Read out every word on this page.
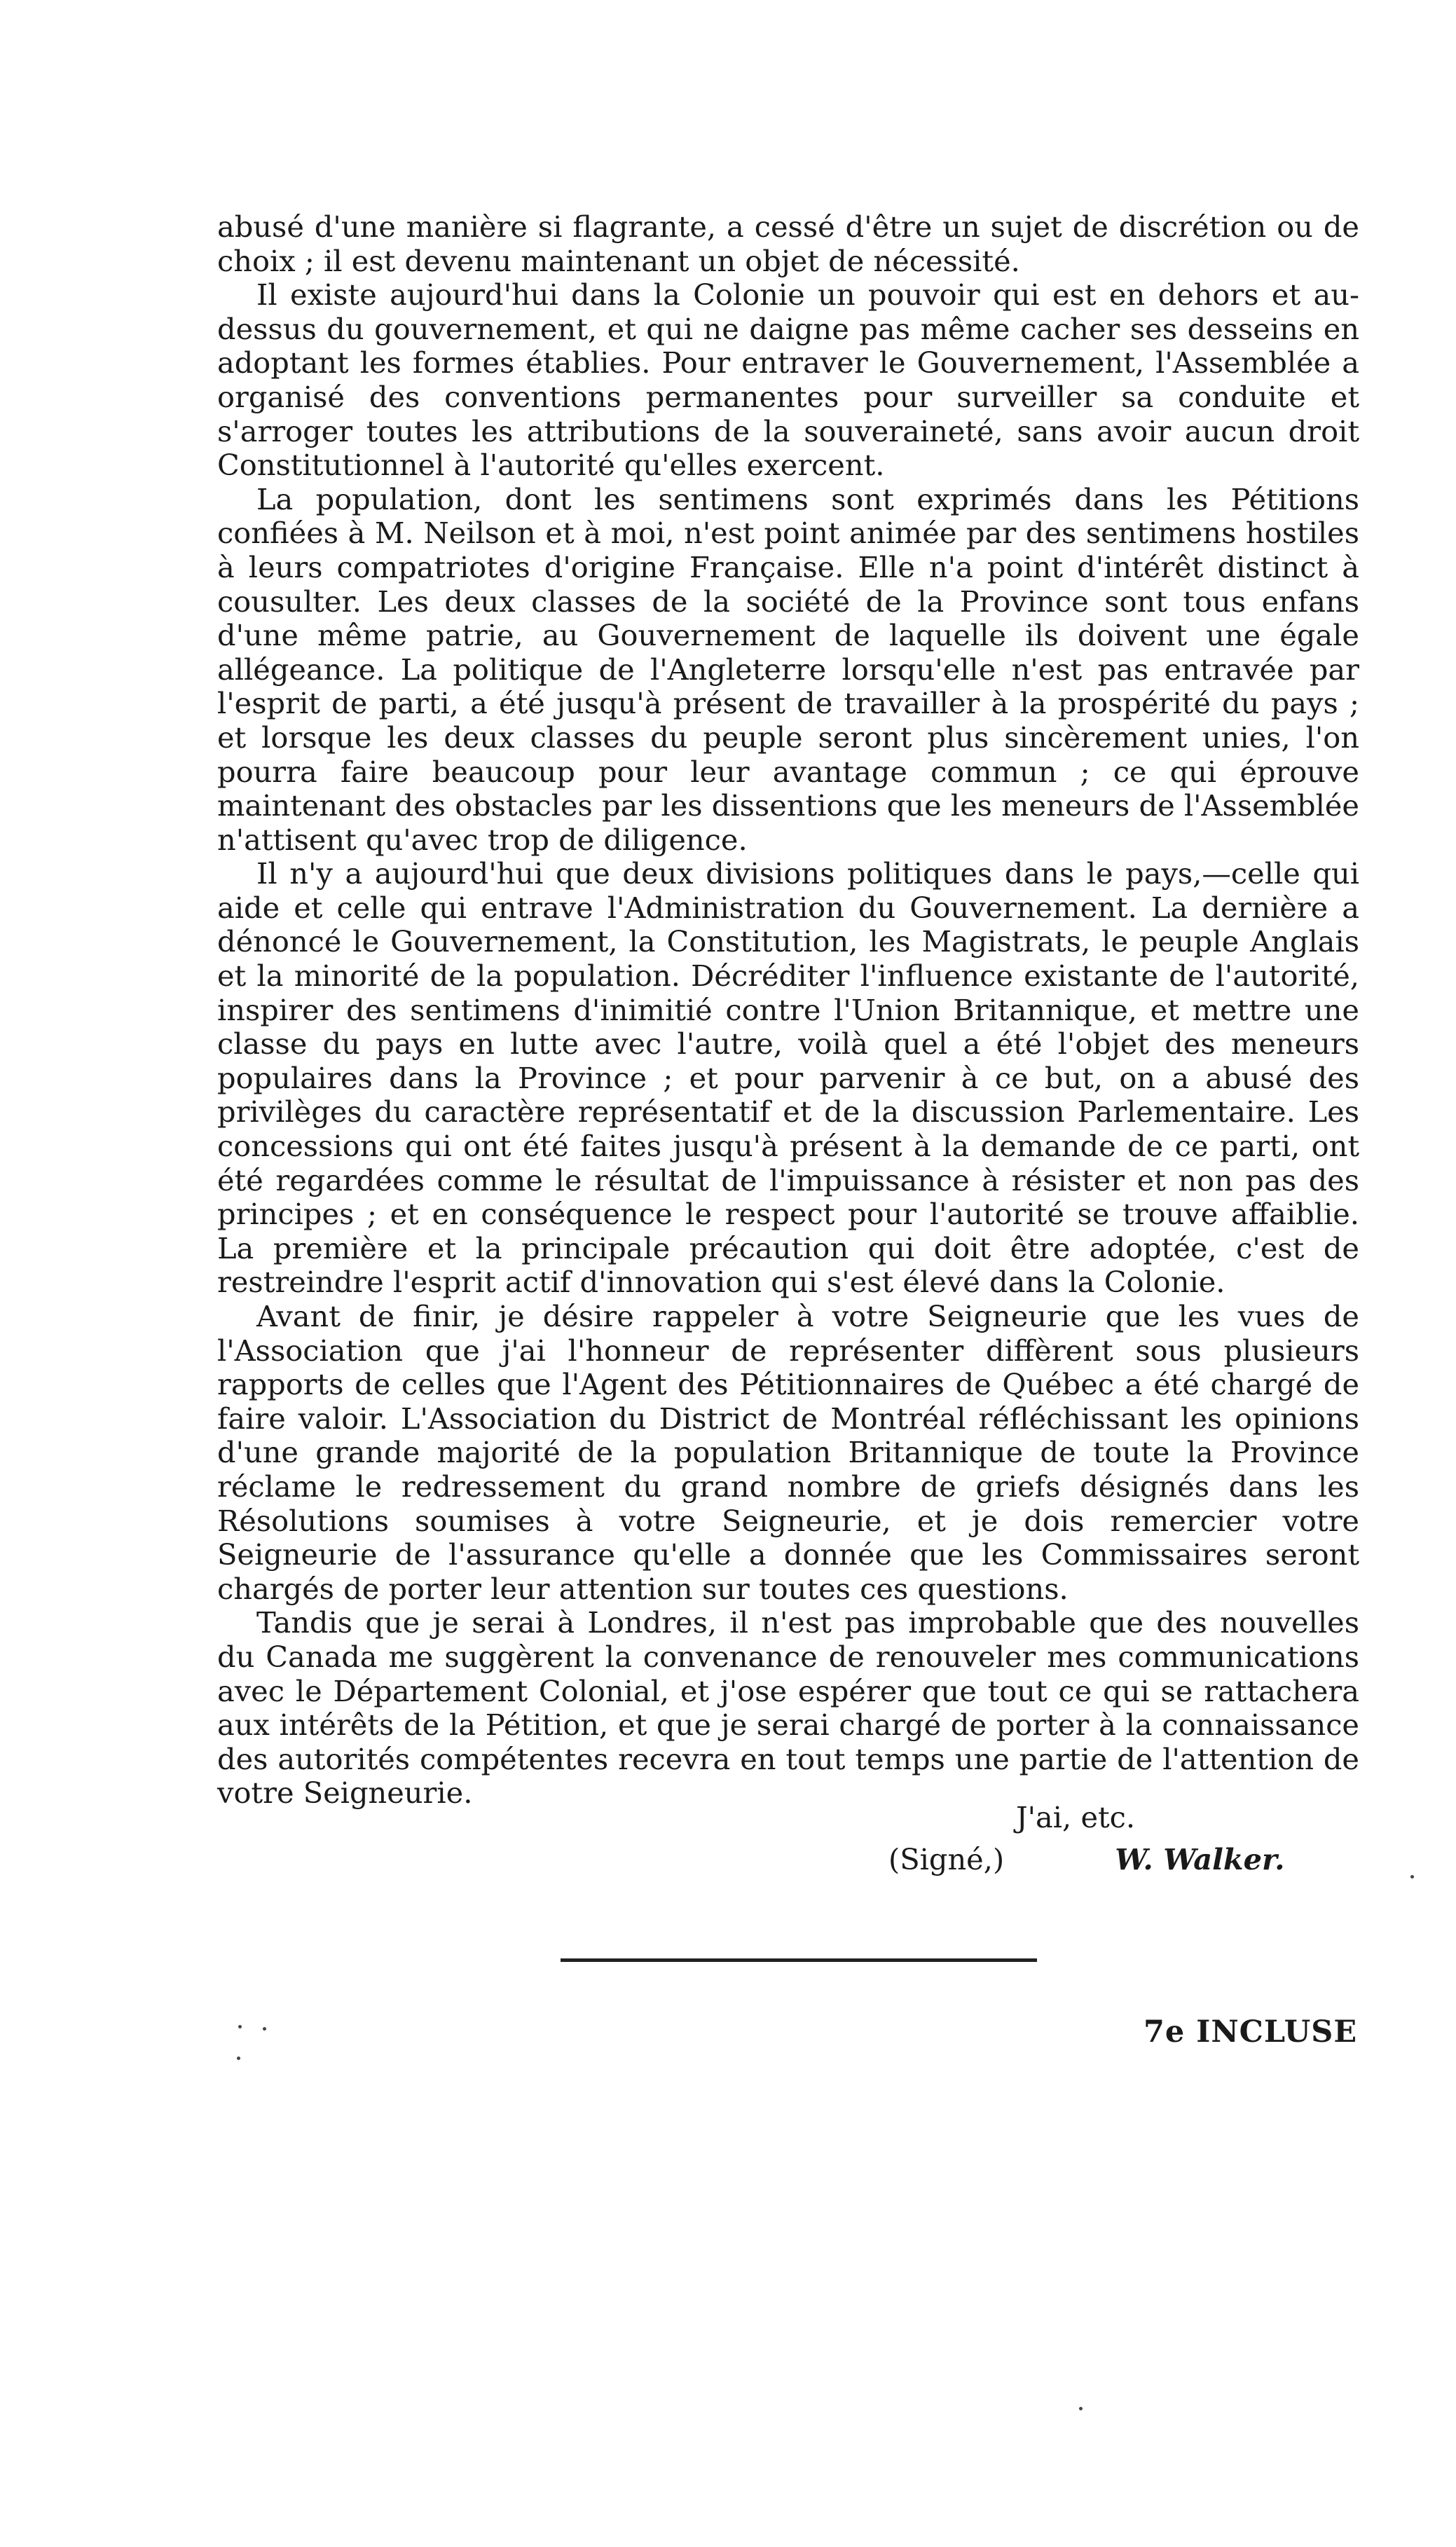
abusé d'une manière si flagrante, a cessé d'être un sujet de discrétion ou de choix ; il est devenu maintenant un objet de nécessité.

Il existe aujourd'hui dans la Colonie un pouvoir qui est en dehors et au-dessus du gouvernement, et qui ne daigne pas même cacher ses desseins en adoptant les formes établies. Pour entraver le Gouvernement, l'Assemblée a organisé des conventions permanentes pour surveiller sa conduite et s'arroger toutes les attributions de la souveraineté, sans avoir aucun droit Constitutionnel à l'autorité qu'elles exercent.

La population, dont les sentimens sont exprimés dans les Pétitions confiées à M. Neilson et à moi, n'est point animée par des sentimens hostiles à leurs compatriotes d'origine Française. Elle n'a point d'intérêt distinct à cousulter. Les deux classes de la société de la Province sont tous enfans d'une même patrie, au Gouvernement de laquelle ils doivent une égale allégeance. La politique de l'Angleterre lorsqu'elle n'est pas entravée par l'esprit de parti, a été jusqu'à présent de travailler à la prospérité du pays ; et lorsque les deux classes du peuple seront plus sincèrement unies, l'on pourra faire beaucoup pour leur avantage commun ; ce qui éprouve maintenant des obstacles par les dissentions que les meneurs de l'Assemblée n'attisent qu'avec trop de diligence.

Il n'y a aujourd'hui que deux divisions politiques dans le pays,—celle qui aide et celle qui entrave l'Administration du Gouvernement. La dernière a dénoncé le Gouvernement, la Constitution, les Magistrats, le peuple Anglais et la minorité de la population. Décréditer l'influence existante de l'autorité, inspirer des sentimens d'inimitié contre l'Union Britannique, et mettre une classe du pays en lutte avec l'autre, voilà quel a été l'objet des meneurs populaires dans la Province ; et pour parvenir à ce but, on a abusé des privilèges du caractère représentatif et de la discussion Parlementaire. Les concessions qui ont été faites jusqu'à présent à la demande de ce parti, ont été regardées comme le résultat de l'impuissance à résister et non pas des principes ; et en conséquence le respect pour l'autorité se trouve affaiblie. La première et la principale précaution qui doit être adoptée, c'est de restreindre l'esprit actif d'innovation qui s'est élevé dans la Colonie.

Avant de finir, je désire rappeler à votre Seigneurie que les vues de l'Association que j'ai l'honneur de représenter diffèrent sous plusieurs rapports de celles que l'Agent des Pétitionnaires de Québec a été chargé de faire valoir. L'Association du District de Montréal réfléchissant les opinions d'une grande majorité de la population Britannique de toute la Province réclame le redressement du grand nombre de griefs désignés dans les Résolutions soumises à votre Seigneurie, et je dois remercier votre Seigneurie de l'assurance qu'elle a donnée que les Commissaires seront chargés de porter leur attention sur toutes ces questions.

Tandis que je serai à Londres, il n'est pas improbable que des nouvelles du Canada me suggèrent la convenance de renouveler mes communications avec le Département Colonial, et j'ose espérer que tout ce qui se rattachera aux intérêts de la Pétition, et que je serai chargé de porter à la connaissance des autorités compétentes recevra en tout temps une partie de l'attention de votre Seigneurie.

J'ai, etc.
(Signé,)	W. Walker.
7e INCLUSE
